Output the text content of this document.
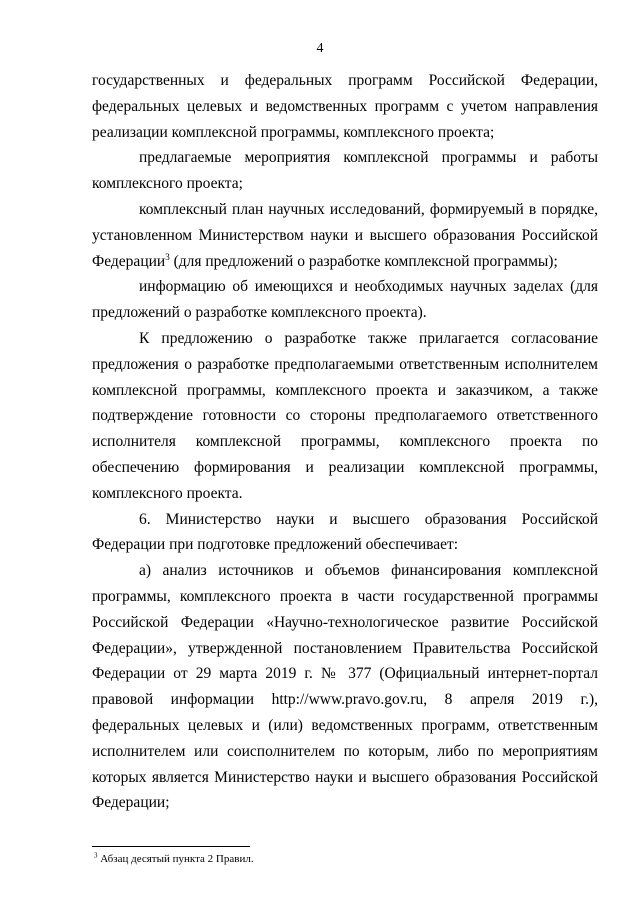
4

государственных и федеральных программ Российской Федерации, федеральных целевых и ведомственных программ с учетом направления реализации комплексной программы, комплексного проекта;

предлагаемые мероприятия комплексной программы и работы комплексного проекта;

комплексный план научных исследований, формируемый в порядке, установленном Министерством науки и высшего образования Российской Федерации$^3$ (для предложений о разработке комплексной программы);

информацию об имеющихся и необходимых научных заделах (для предложений о разработке комплексного проекта).

К предложению о разработке также прилагается согласование предложения о разработке предполагаемыми ответственным исполнителем комплексной программы, комплексного проекта и заказчиком, а также подтверждение готовности со стороны предполагаемого ответственного исполнителя комплексной программы, комплексного проекта по обеспечению формирования и реализации комплексной программы, комплексного проекта.

6. Министерство науки и высшего образования Российской Федерации при подготовке предложений обеспечивает:

а) анализ источников и объемов финансирования комплексной программы, комплексного проекта в части государственной программы Российской Федерации «Научно-технологическое развитие Российской Федерации», утвержденной постановлением Правительства Российской Федерации от 29 марта 2019 г. № 377 (Официальный интернет-портал правовой информации http://www.pravo.gov.ru, 8 апреля 2019 г.), федеральных целевых и (или) ведомственных программ, ответственным исполнителем или соисполнителем по которым, либо по мероприятиям которых является Министерство науки и высшего образования Российской Федерации;

$^3$ Абзац десятый пункта 2 Правил.
